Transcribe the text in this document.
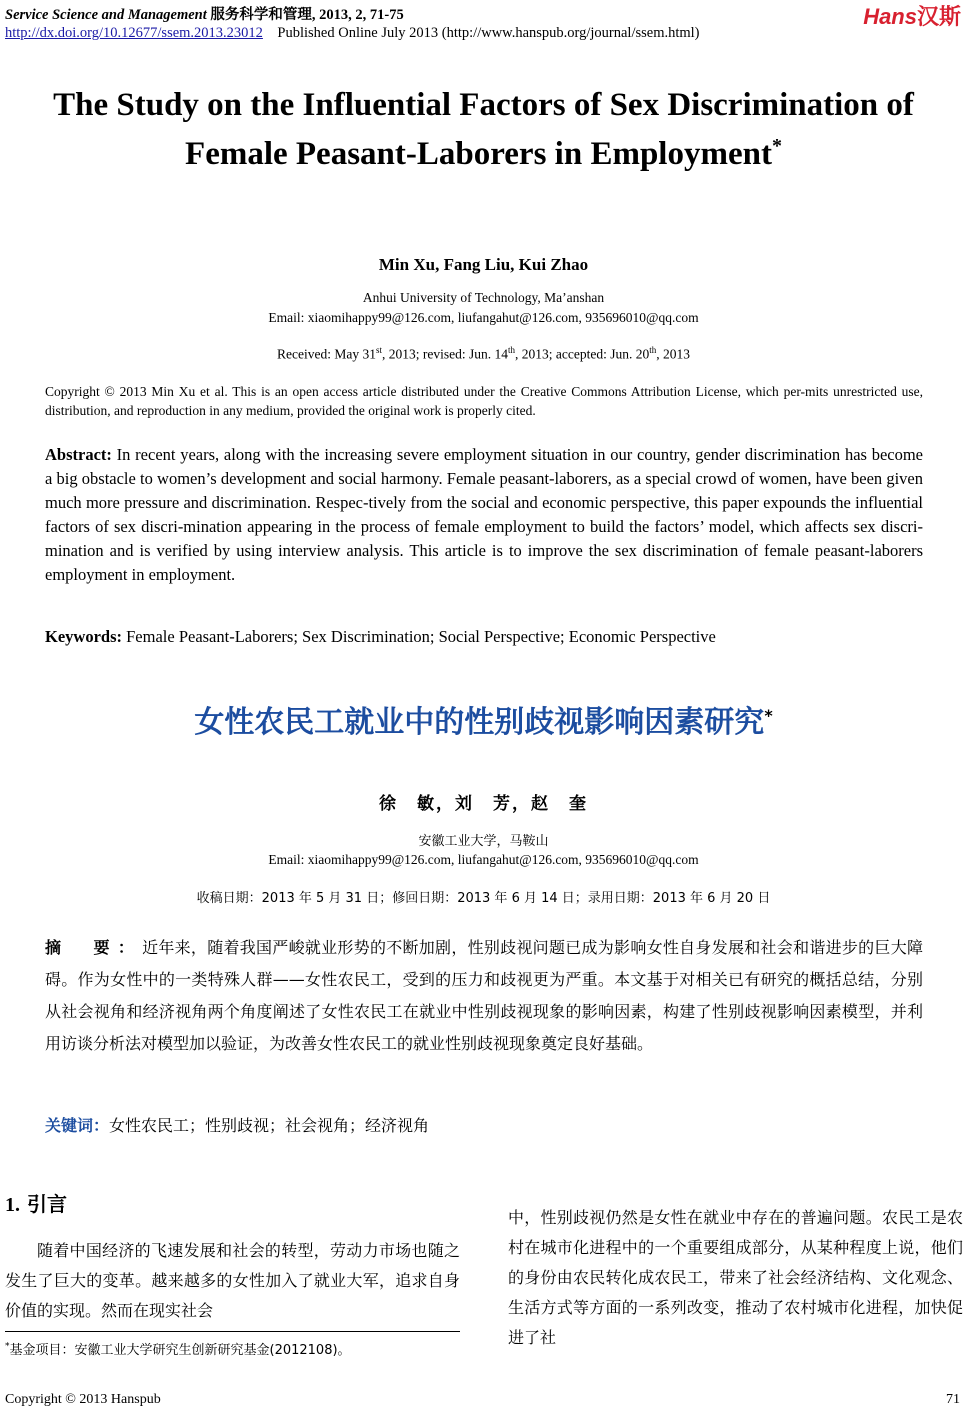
Service Science and Management 服务科学和管理, 2013, 2, 71-75
http://dx.doi.org/10.12677/ssem.2013.23012 Published Online July 2013 (http://www.hanspub.org/journal/ssem.html)
Hans汉斯
The Study on the Influential Factors of Sex Discrimination of Female Peasant-Laborers in Employment*
Min Xu, Fang Liu, Kui Zhao
Anhui University of Technology, Ma’anshan
Email: xiaomihappy99@126.com, liufangahut@126.com, 935696010@qq.com
Received: May 31st, 2013; revised: Jun. 14th, 2013; accepted: Jun. 20th, 2013
Copyright © 2013 Min Xu et al. This is an open access article distributed under the Creative Commons Attribution License, which per-mits unrestricted use, distribution, and reproduction in any medium, provided the original work is properly cited.
Abstract: In recent years, along with the increasing severe employment situation in our country, gender discrimination has become a big obstacle to women’s development and social harmony. Female peasant-laborers, as a special crowd of women, have been given much more pressure and discrimination. Respec-tively from the social and economic perspective, this paper expounds the influential factors of sex discri-mination appearing in the process of female employment to build the factors’ model, which affects sex discri-mination and is verified by using interview analysis. This article is to improve the sex discrimination of female peasant-laborers employment in employment.
Keywords: Female Peasant-Laborers; Sex Discrimination; Social Perspective; Economic Perspective
女性农民工就业中的性别歧视影响因素研究*
徐　敏，刘　芳，赵　奎
安徽工业大学，马鞍山
Email: xiaomihappy99@126.com, liufangahut@126.com, 935696010@qq.com
收稿日期：2013 年 5 月 31 日；修回日期：2013 年 6 月 14 日；录用日期：2013 年 6 月 20 日
摘　要：近年来，随着我国严峻就业形势的不断加剧，性别歧视问题已成为影响女性自身发展和社会和谐进步的巨大障碍。作为女性中的一类特殊人群——女性农民工，受到的压力和歧视更为严重。本文基于对相关已有研究的概括总结，分别从社会视角和经济视角两个角度阐述了女性农民工在就业中性别歧视现象的影响因素，构建了性别歧视影响因素模型，并利用访谈分析法对模型加以验证，为改善女性农民工的就业性别歧视现象奠定良好基础。
关键词：女性农民工；性别歧视；社会视角；经济视角
1. 引言

随着中国经济的飞速发展和社会的转型，劳动力市场也随之发生了巨大的变革。越来越多的女性加入了就业大军，追求自身价值的实现。然而在现实社会

中，性别歧视仍然是女性在就业中存在的普遍问题。农民工是农村在城市化进程中的一个重要组成部分，从某种程度上说，他们的身份由农民转化成农民工，带来了社会经济结构、文化观念、生活方式等方面的一系列改变，推动了农村城市化进程，加快促进了社

*基金项目：安徽工业大学研究生创新研究基金(2012108)。
Copyright © 2013 Hanspub	71
